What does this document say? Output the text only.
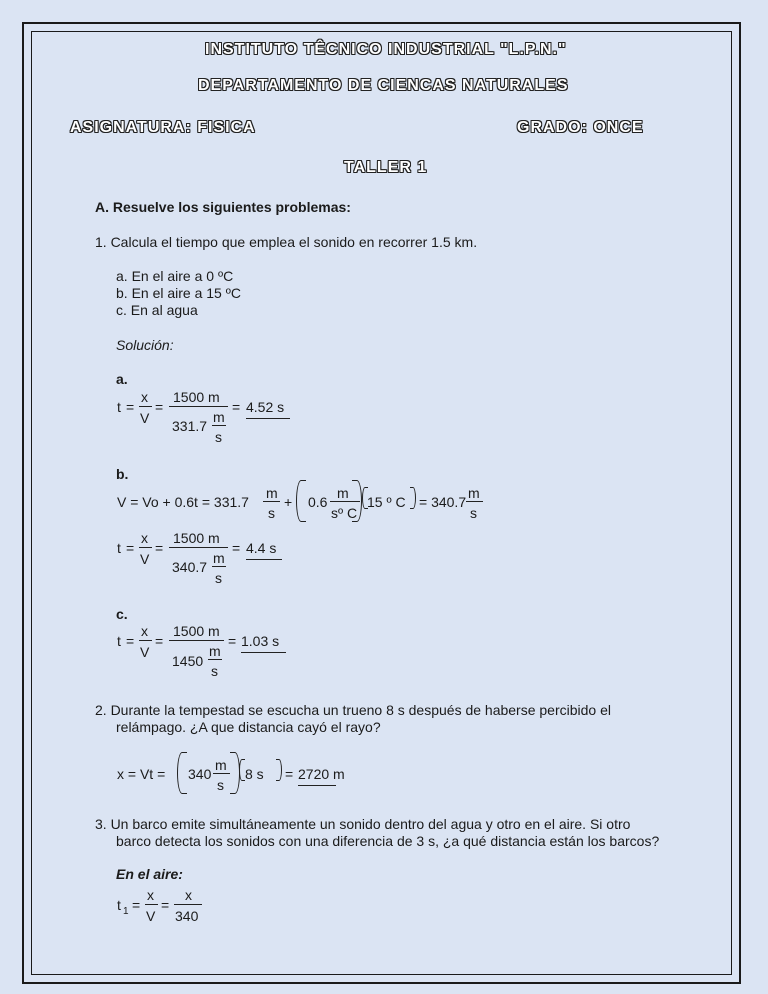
INSTITUTO TÊCNICO INDUSTRIAL "L.P.N."
DEPARTAMENTO DE CIENCAS NATURALES
ASIGNATURA: FISICA	GRADO: ONCE
TALLER 1
A. Resuelve los siguientes problemas:
1. Calcula el tiempo que emplea el sonido en recorrer 1.5 km.
a. En el aire a 0 ºC
b. En el aire a 15 ºC
c. En al agua
Solución:
a.
t =
x
V
=
1500 m
331.7
m
s
= 4.52 s
b.
V = Vo + 0.6t = 331.7
m
s
+ 0.6
m
sº C
15 º C = 340.7
m
s
t =
x
V
=
1500 m
340.7
m
s
= 4.4 s
c.
t =
x
V
=
1500 m
1450
m
s
= 1.03 s
2. Durante la tempestad se escucha un trueno 8 s después de haberse percibido el
relámpago. ¿A que distancia cayó el rayo?
x = Vt = 340
m
s
8 s = 2720 m
3. Un barco emite simultáneamente un sonido dentro del agua y otro en el aire. Si otro
barco detecta los sonidos con una diferencia de 3 s, ¿a qué distancia están los barcos?
En el aire:
t 1 =
x
V
=
x
340
